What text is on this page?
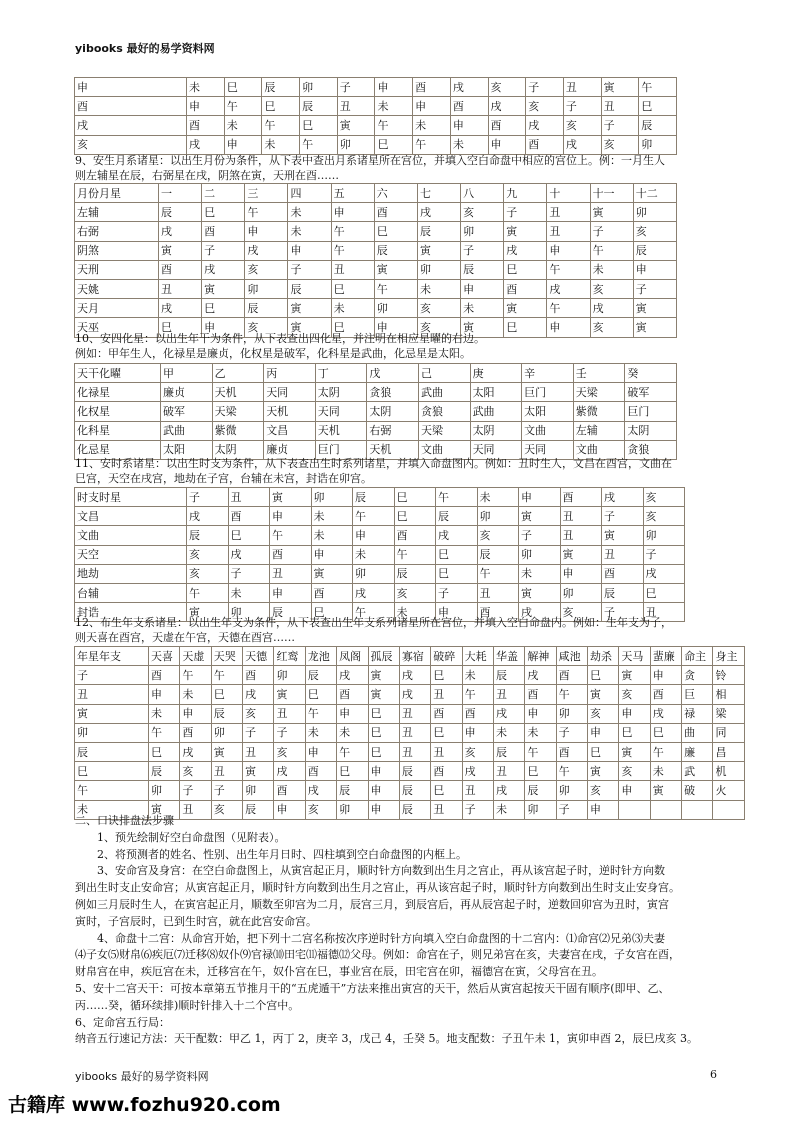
yibooks 最好的易学资料网
申	未	巳	辰	卯	子	申	酉	戌	亥	子	丑	寅	午
酉	申	午	巳	辰	丑	未	申	酉	戌	亥	子	丑	巳
戌	酉	未	午	巳	寅	午	未	申	酉	戌	亥	子	辰
亥	戌	申	未	午	卯	巳	午	未	申	酉	戌	亥	卯
9、安生月系诸星：以出生月份为条件，从下表中查出月系诸星所在宫位，并填入空白命盘中相应的宫位上。例：一月生人
则左辅星在辰，右弼星在戌，阴煞在寅，天刑在酉……
月份月星	一	二	三	四	五	六	七	八	九	十	十一	十二
左辅	辰	巳	午	未	申	酉	戌	亥	子	丑	寅	卯
右弼	戌	酉	申	未	午	巳	辰	卯	寅	丑	子	亥
阴煞	寅	子	戌	申	午	辰	寅	子	戌	申	午	辰
天刑	酉	戌	亥	子	丑	寅	卯	辰	巳	午	未	申
天姚	丑	寅	卯	辰	巳	午	未	申	酉	戌	亥	子
天月	戌	巳	辰	寅	未	卯	亥	未	寅	午	戌	寅
天巫	巳	申	亥	寅	巳	申	亥	寅	巳	申	亥	寅
10、安四化星：以出生年干为条件，从下表查出四化星，并注明在相应星曜的右边。
例如：甲年生人，化禄星是廉贞，化权星是破军，化科星是武曲，化忌星是太阳。
天干化曜	甲	乙	丙	丁	戊	己	庚	辛	壬	癸
化禄星	廉贞	天机	天同	太阴	贪狼	武曲	太阳	巨门	天梁	破军
化权星	破军	天梁	天机	天同	太阴	贪狼	武曲	太阳	紫微	巨门
化科星	武曲	紫微	文昌	天机	右弼	天梁	太阴	文曲	左辅	太阴
化忌星	太阳	太阴	廉贞	巨门	天机	文曲	天同	天同	文曲	贪狼
11、安时系诸星：以出生时支为条件，从下表查出生时系列诸星，并填入命盘图内。例如：丑时生人，文昌在酉宫，文曲在
巳宫，天空在戌宫，地劫在子宫，台辅在未宫，封诰在卯宫。
时支时星	子	丑	寅	卯	辰	巳	午	未	申	酉	戌	亥
文昌	戌	酉	申	未	午	巳	辰	卯	寅	丑	子	亥
文曲	辰	巳	午	未	申	酉	戌	亥	子	丑	寅	卯
天空	亥	戌	酉	申	未	午	巳	辰	卯	寅	丑	子
地劫	亥	子	丑	寅	卯	辰	巳	午	未	申	酉	戌
台辅	午	未	申	酉	戌	亥	子	丑	寅	卯	辰	巳
封诰	寅	卯	辰	巳	午	未	申	酉	戌	亥	子	丑
12、布生年支系诸星：以出生年支为条件，从下表查出生年支系列诸星所在宫位，并填入空白命盘内。例如：生年支为子，
则天喜在酉宫，天虚在午宫，天德在酉宫……
年星年支	天喜	天虚	天哭	天德	红鸾	龙池	凤阁	孤辰	寡宿	破碎	大耗	华盖	解神	咸池	劫杀	天马	蜚廉	命主	身主
子	酉	午	午	酉	卯	辰	戌	寅	戌	巳	未	辰	戌	酉	巳	寅	申	贪	铃
丑	申	未	巳	戌	寅	巳	酉	寅	戌	丑	午	丑	酉	午	寅	亥	酉	巨	相
寅	未	申	辰	亥	丑	午	申	巳	丑	酉	酉	戌	申	卯	亥	申	戌	禄	梁
卯	午	酉	卯	子	子	未	未	巳	丑	巳	申	未	未	子	申	巳	巳	曲	同
辰	巳	戌	寅	丑	亥	申	午	巳	丑	丑	亥	辰	午	酉	巳	寅	午	廉	昌
巳	辰	亥	丑	寅	戌	酉	巳	申	辰	酉	戌	丑	巳	午	寅	亥	未	武	机
午	卯	子	子	卯	酉	戌	辰	申	辰	巳	丑	戌	辰	卯	亥	申	寅	破	火
未	寅	丑	亥	辰	申	亥	卯	申	辰	丑	子	未	卯	子	申				
二、口诀排盘法步骤
1、预先绘制好空白命盘图（见附表）。
2、将预测者的姓名、性别、出生年月日时、四柱填到空白命盘图的内框上。
3、安命宫及身宫：在空白命盘图上，从寅宫起正月，顺时针方向数到出生月之宫止，再从该宫起子时，逆时针方向数
到出生时支止安命宫；从寅宫起正月，顺时针方向数到出生月之宫止，再从该宫起子时，顺时针方向数到出生时支止安身宫。
例如三月辰时生人，在寅宫起正月，顺数至卯宫为二月，辰宫三月，到辰宫后，再从辰宫起子时，逆数回卯宫为丑时，寅宫
寅时，子宫辰时，已到生时宫，就在此宫安命宫。
4、命盘十二宫：从命宫开始，把下列十二宫名称按次序逆时针方向填入空白命盘图的十二宫内：⑴命宫⑵兄弟⑶夫妻
⑷子女⑸财帛⑹疾厄⑺迁移⑻奴仆⑼官禄⑽田宅⑾福德⑿父母。例如：命宫在子，则兄弟宫在亥，夫妻宫在戌，子女宫在酉，
财帛宫在申，疾厄宫在未，迁移宫在午，奴仆宫在巳，事业宫在辰，田宅宫在卯，福德宫在寅，父母宫在丑。
5、安十二宫天干：可按本章第五节推月干的“五虎遁干”方法来推出寅宫的天干，然后从寅宫起按天干固有顺序(即甲、乙、
丙……癸，循环续排)顺时针排入十二个宫中。
6、定命宫五行局：
纳音五行速记方法：天干配数：甲乙 1，丙丁 2，庚辛 3，戊己 4，壬癸 5。地支配数：子丑午未 1，寅卯申酉 2，辰巳戌亥 3。
yibooks 最好的易学资料网	6
古籍库 www.fozhu920.com
